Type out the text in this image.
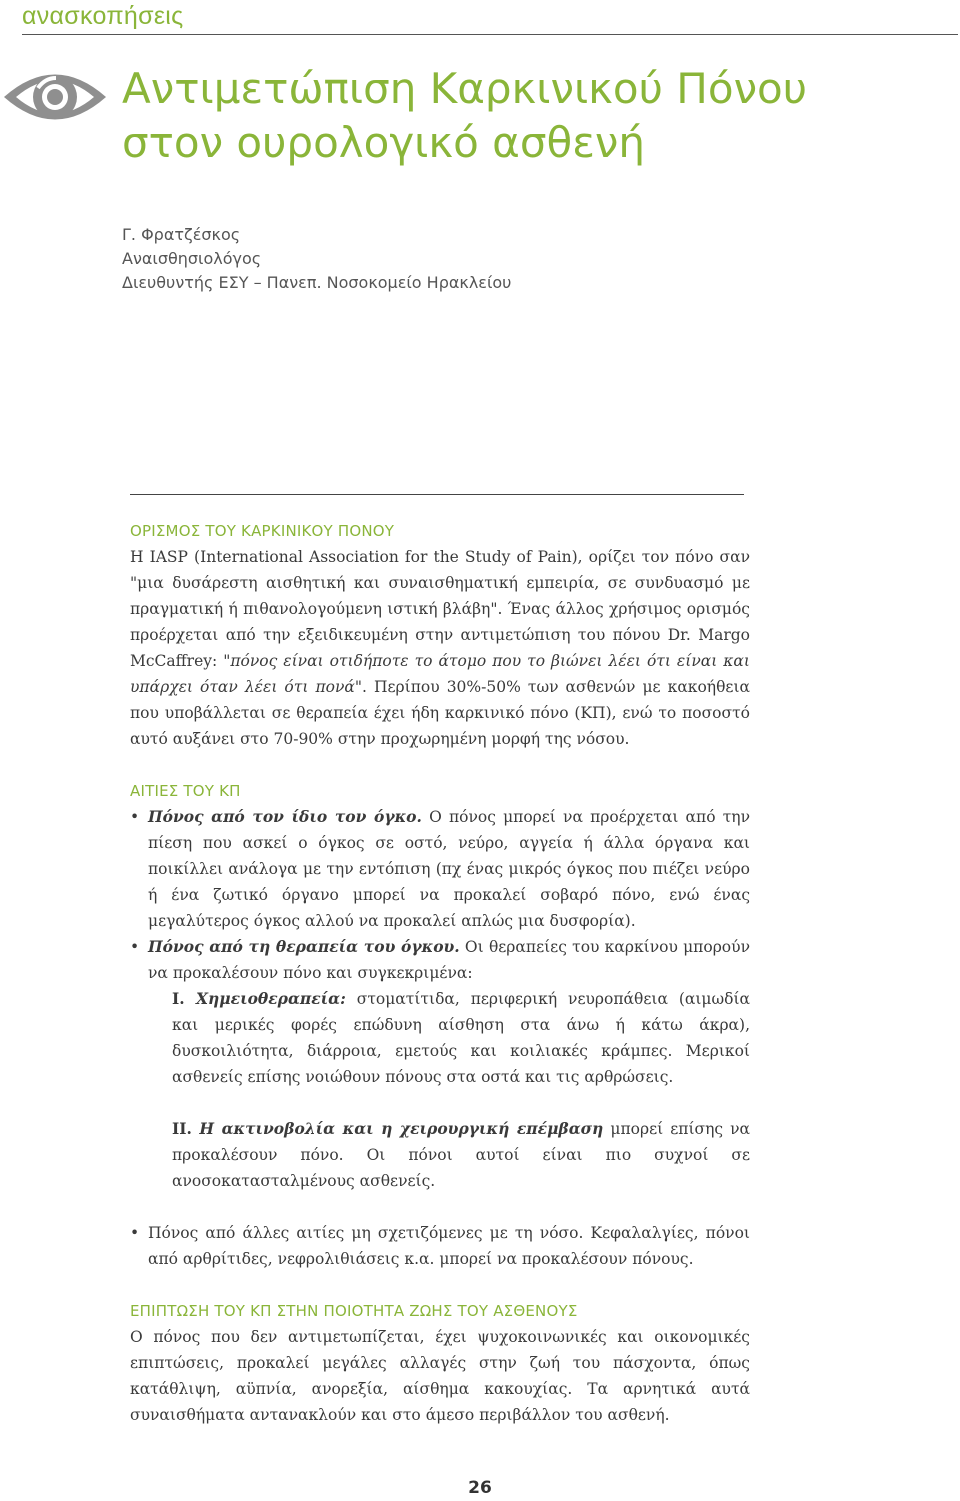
ανασκοπήσεις
Αντιμετώπιση Καρκινικού Πόνου
στον ουρολογικό ασθενή
Γ. Φρατζέσκος
Αναισθησιολόγος
Διευθυντής ΕΣΥ – Πανεπ. Νοσοκομείο Ηρακλείου
ΟΡΙΣΜΟΣ ΤΟΥ ΚΑΡΚΙΝΙΚΟΥ ΠΟΝΟΥ

Η IASP (International Association for the Study of Pain), ορίζει τον πόνο σαν "μια δυσάρεστη αισθητική και συναισθηματική εμπειρία, σε συνδυασμό με πραγματική ή πιθανολογούμενη ιστική βλάβη". Ένας άλλος χρήσιμος ορισμός προέρχεται από την εξειδικευμένη στην αντιμετώπιση του πόνου Dr. Margo McCaffrey: "πόνος είναι οτιδήποτε το άτομο που το βιώνει λέει ότι είναι και υπάρχει όταν λέει ότι πονά". Περίπου 30%-50% των ασθενών με κακοήθεια που υποβάλλεται σε θεραπεία έχει ήδη καρκινικό πόνο (ΚΠ), ενώ το ποσοστό αυτό αυξάνει στο 70-90% στην προχωρημένη μορφή της νόσου.

ΑΙΤΙΕΣ ΤΟΥ ΚΠ
• Πόνος από τον ίδιο τον όγκο. Ο πόνος μπορεί να προέρχεται από την πίεση που ασκεί ο όγκος σε οστό, νεύρο, αγγεία ή άλλα όργανα και ποικίλλει ανάλογα με την εντόπιση (πχ ένας μικρός όγκος που πιέζει νεύρο ή ένα ζωτικό όργανο μπορεί να προκαλεί σοβαρό πόνο, ενώ ένας μεγαλύτερος όγκος αλλού να προκαλεί απλώς μια δυσφορία).
• Πόνος από τη θεραπεία του όγκου. Οι θεραπείες του καρκίνου μπορούν να προκαλέσουν πόνο και συγκεκριμένα:

Ι. Χημειοθεραπεία: στοματίτιδα, περιφερική νευροπάθεια (αιμωδία και μερικές φορές επώδυνη αίσθηση στα άνω ή κάτω άκρα), δυσκοιλιότητα, διάρροια, εμετούς και κοιλιακές κράμπες. Μερικοί ασθενείς επίσης νοιώθουν πόνους στα οστά και τις αρθρώσεις.

ΙΙ. Η ακτινοβολία και η χειρουργική επέμβαση μπορεί επίσης να προκαλέσουν πόνο. Οι πόνοι αυτοί είναι πιο συχνοί σε ανοσοκατασταλμένους ασθενείς.

• Πόνος από άλλες αιτίες μη σχετιζόμενες με τη νόσο. Κεφαλαλγίες, πόνοι από αρθρίτιδες, νεφρολιθιάσεις κ.α. μπορεί να προκαλέσουν πόνους.
ΕΠΙΠΤΩΣΗ ΤΟΥ ΚΠ ΣΤΗΝ ΠΟΙΟΤΗΤΑ ΖΩΗΣ ΤΟΥ ΑΣΘΕΝΟΥΣ

Ο πόνος που δεν αντιμετωπίζεται, έχει ψυχοκοινωνικές και οικονομικές επιπτώσεις, προκαλεί μεγάλες αλλαγές στην ζωή του πάσχοντα, όπως κατάθλιψη, αϋπνία, ανορεξία, αίσθημα κακουχίας. Τα αρνητικά αυτά συναισθήματα αντανακλούν και στο άμεσο περιβάλλον του ασθενή.

26
